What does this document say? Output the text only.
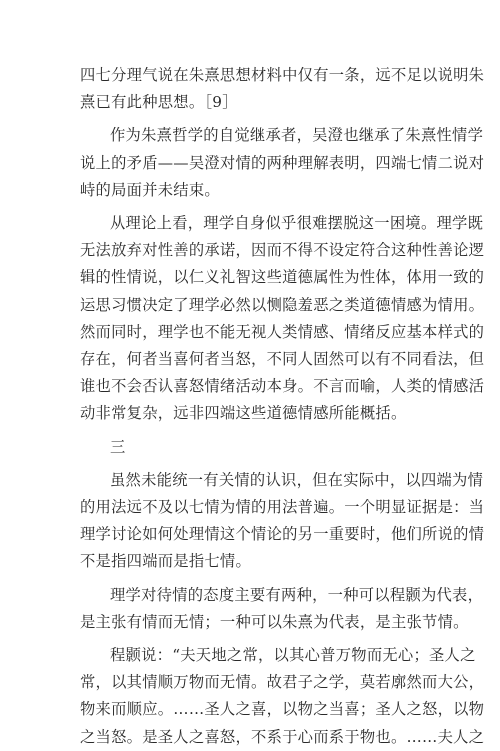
四七分理气说在朱熹思想材料中仅有一条，远不足以说明朱
熹已有此种思想。［9］
作为朱熹哲学的自觉继承者，吴澄也继承了朱熹性情学
说上的矛盾——吴澄对情的两种理解表明，四端七情二说对
峙的局面并未结束。
从理论上看，理学自身似乎很难摆脱这一困境。理学既
无法放弃对性善的承诺，因而不得不设定符合这种性善论逻
辑的性情说，以仁义礼智这些道德属性为性体，体用一致的
运思习惯决定了理学必然以恻隐羞恶之类道德情感为情用。
然而同时，理学也不能无视人类情感、情绪反应基本样式的
存在，何者当喜何者当怒，不同人固然可以有不同看法，但
谁也不会否认喜怒情绪活动本身。不言而喻，人类的情感活
动非常复杂，远非四端这些道德情感所能概括。
三
虽然未能统一有关情的认识，但在实际中，以四端为情
的用法远不及以七情为情的用法普遍。一个明显证据是：当
理学讨论如何处理情这个情论的另一重要时，他们所说的情
不是指四端而是指七情。
理学对待情的态度主要有两种，一种可以程颢为代表，
是主张有情而无情；一种可以朱熹为代表，是主张节情。
程颢说：“夫天地之常，以其心普万物而无心；圣人之
常，以其情顺万物而无情。故君子之学，莫若廓然而大公，
物来而顺应。……圣人之喜，以物之当喜；圣人之怒，以物
之当怒。是圣人之喜怒，不系于心而系于物也。……夫人之
